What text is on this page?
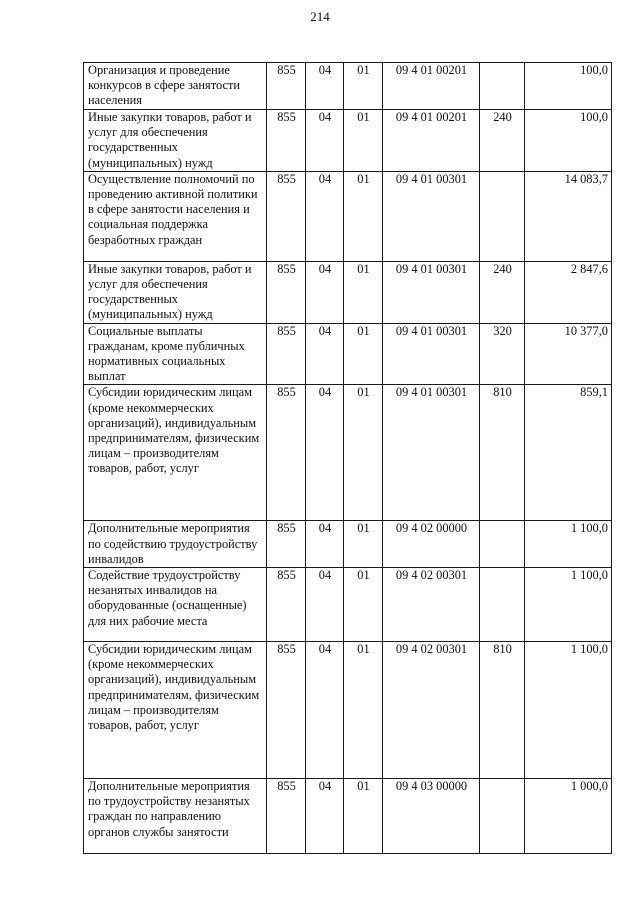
214
Организация и проведение конкурсов в сфере занятости населения	855	04	01	09 4 01 00201		100,0
Иные закупки товаров, работ и услуг для обеспечения государственных (муниципальных) нужд	855	04	01	09 4 01 00201	240	100,0
Осуществление полномочий по проведению активной политики в сфере занятости населения и социальная поддержка безработных граждан	855	04	01	09 4 01 00301		14 083,7
Иные закупки товаров, работ и услуг для обеспечения государственных (муниципальных) нужд	855	04	01	09 4 01 00301	240	2 847,6
Социальные выплаты гражданам, кроме публичных нормативных социальных выплат	855	04	01	09 4 01 00301	320	10 377,0
Субсидии юридическим лицам (кроме некоммерческих организаций), индивидуальным предпринимателям, физическим лицам – производителям товаров, работ, услуг	855	04	01	09 4 01 00301	810	859,1
Дополнительные мероприятия по содействию трудоустройству инвалидов	855	04	01	09 4 02 00000		1 100,0
Содействие трудоустройству незанятых инвалидов на оборудованные (оснащенные) для них рабочие места	855	04	01	09 4 02 00301		1 100,0
Субсидии юридическим лицам (кроме некоммерческих организаций), индивидуальным предпринимателям, физическим лицам – производителям товаров, работ, услуг	855	04	01	09 4 02 00301	810	1 100,0
Дополнительные мероприятия по трудоустройству незанятых граждан по направлению органов службы занятости	855	04	01	09 4 03 00000		1 000,0
